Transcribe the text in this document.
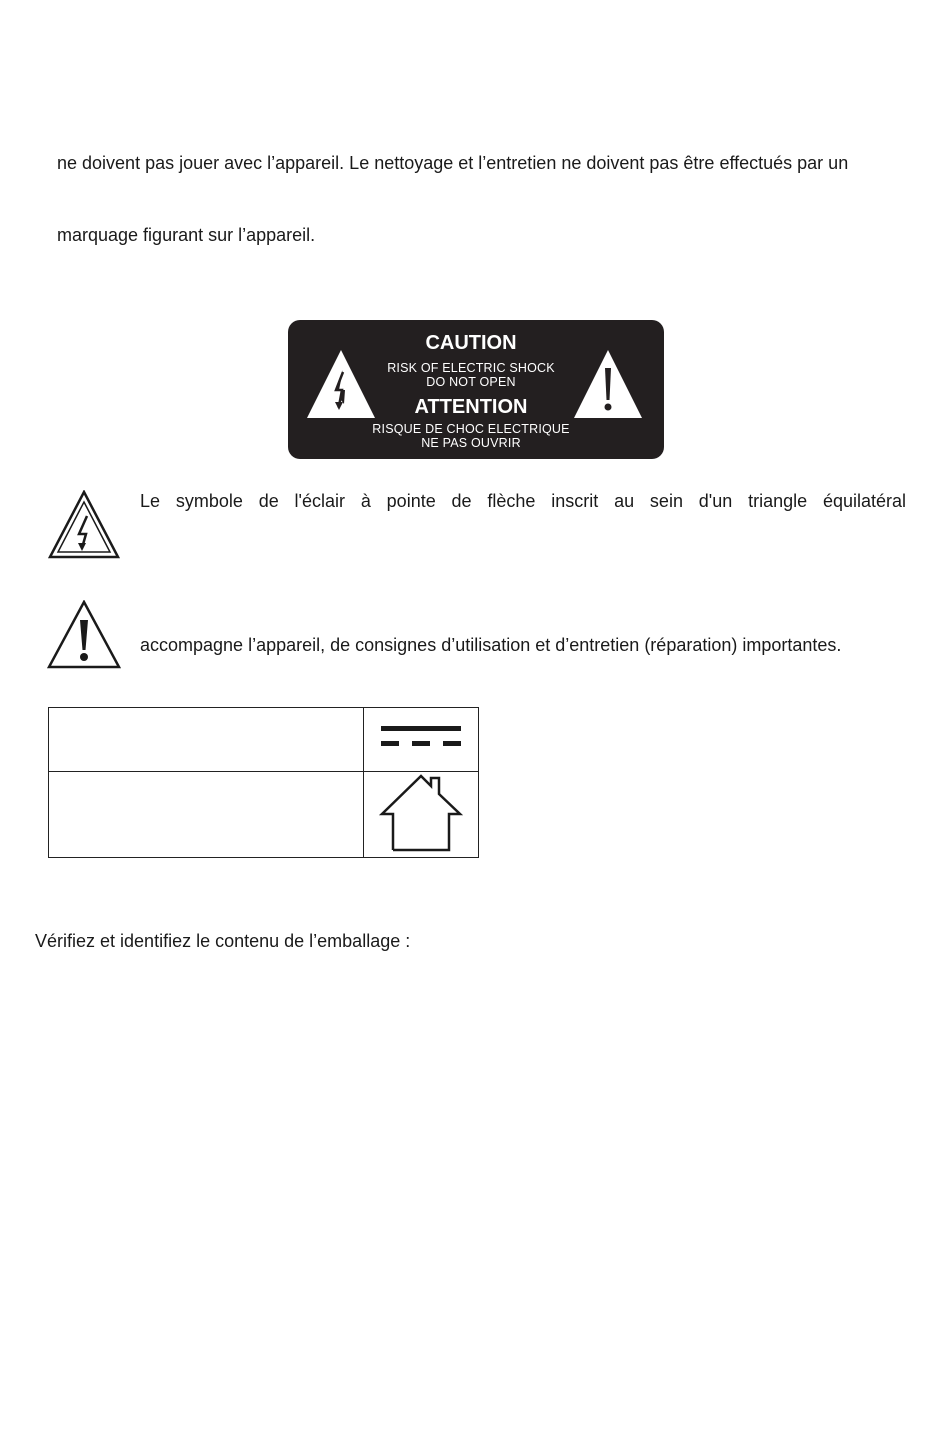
ne doivent pas jouer avec l’appareil. Le nettoyage et l’entretien ne doivent pas être effectués par un
marquage figurant sur l’appareil.
CAUTION
RISK OF ELECTRIC SHOCK
DO NOT OPEN
ATTENTION
RISQUE DE CHOC ELECTRIQUE
NE PAS OUVRIR
Le symbole de l'éclair à pointe de flèche inscrit au sein d'un triangle équilatéral
accompagne l’appareil, de consignes d’utilisation et d’entretien (réparation) importantes.

Vérifiez et identifiez le contenu de l’emballage :
